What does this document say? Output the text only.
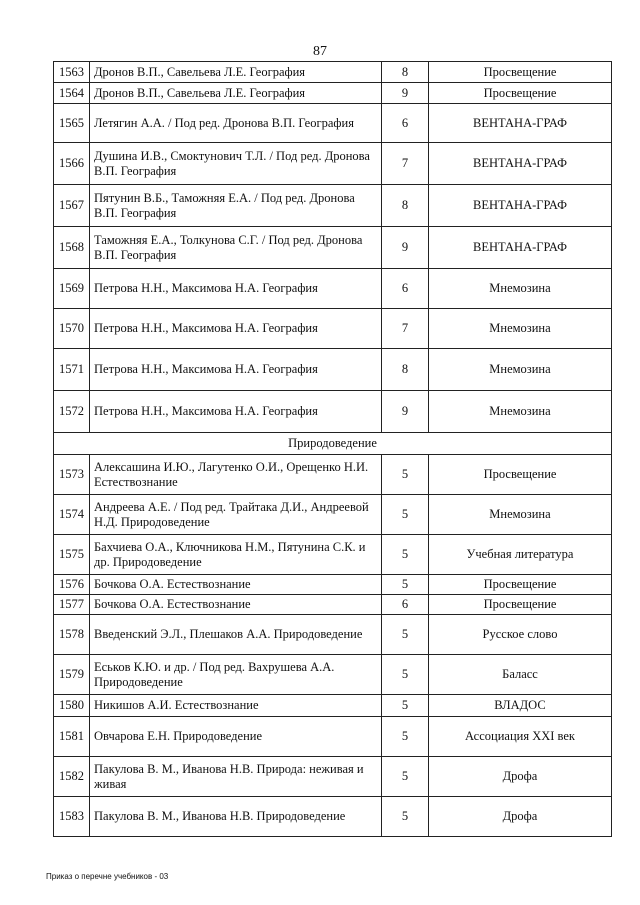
87
1563	Дронов В.П., Савельева Л.Е. География	8	Просвещение
1564	Дронов В.П., Савельева Л.Е. География	9	Просвещение
1565	Летягин А.А. / Под ред. Дронова В.П. География	6	ВЕНТАНА-ГРАФ
1566	Душина И.В., Смоктунович Т.Л. / Под ред. Дронова В.П. География	7	ВЕНТАНА-ГРАФ
1567	Пятунин В.Б., Таможняя Е.А. / Под ред. Дронова В.П. География	8	ВЕНТАНА-ГРАФ
1568	Таможняя Е.А., Толкунова С.Г. / Под ред. Дронова В.П. География	9	ВЕНТАНА-ГРАФ
1569	Петрова Н.Н., Максимова Н.А. География	6	Мнемозина
1570	Петрова Н.Н., Максимова Н.А. География	7	Мнемозина
1571	Петрова Н.Н., Максимова Н.А. География	8	Мнемозина
1572	Петрова Н.Н., Максимова Н.А. География	9	Мнемозина
Природоведение			
1573	Алексашина И.Ю., Лагутенко О.И., Орещенко Н.И. Естествознание	5	Просвещение
1574	Андреева А.Е. / Под ред. Трайтака Д.И., Андреевой Н.Д. Природоведение	5	Мнемозина
1575	Бахчиева О.А., Ключникова Н.М., Пятунина С.К. и др. Природоведение	5	Учебная литература
1576	Бочкова О.А. Естествознание	5	Просвещение
1577	Бочкова О.А. Естествознание	6	Просвещение
1578	Введенский Э.Л., Плешаков А.А. Природоведение	5	Русское слово
1579	Еськов К.Ю. и др. / Под ред. Вахрушева А.А. Природоведение	5	Баласс
1580	Никишов А.И. Естествознание	5	ВЛАДОС
1581	Овчарова Е.Н. Природоведение	5	Ассоциация XXI век
1582	Пакулова В. М., Иванова Н.В. Природа: неживая и живая	5	Дрофа
1583	Пакулова В. М., Иванова Н.В. Природоведение	5	Дрофа
Приказ о перечне учебников - 03
